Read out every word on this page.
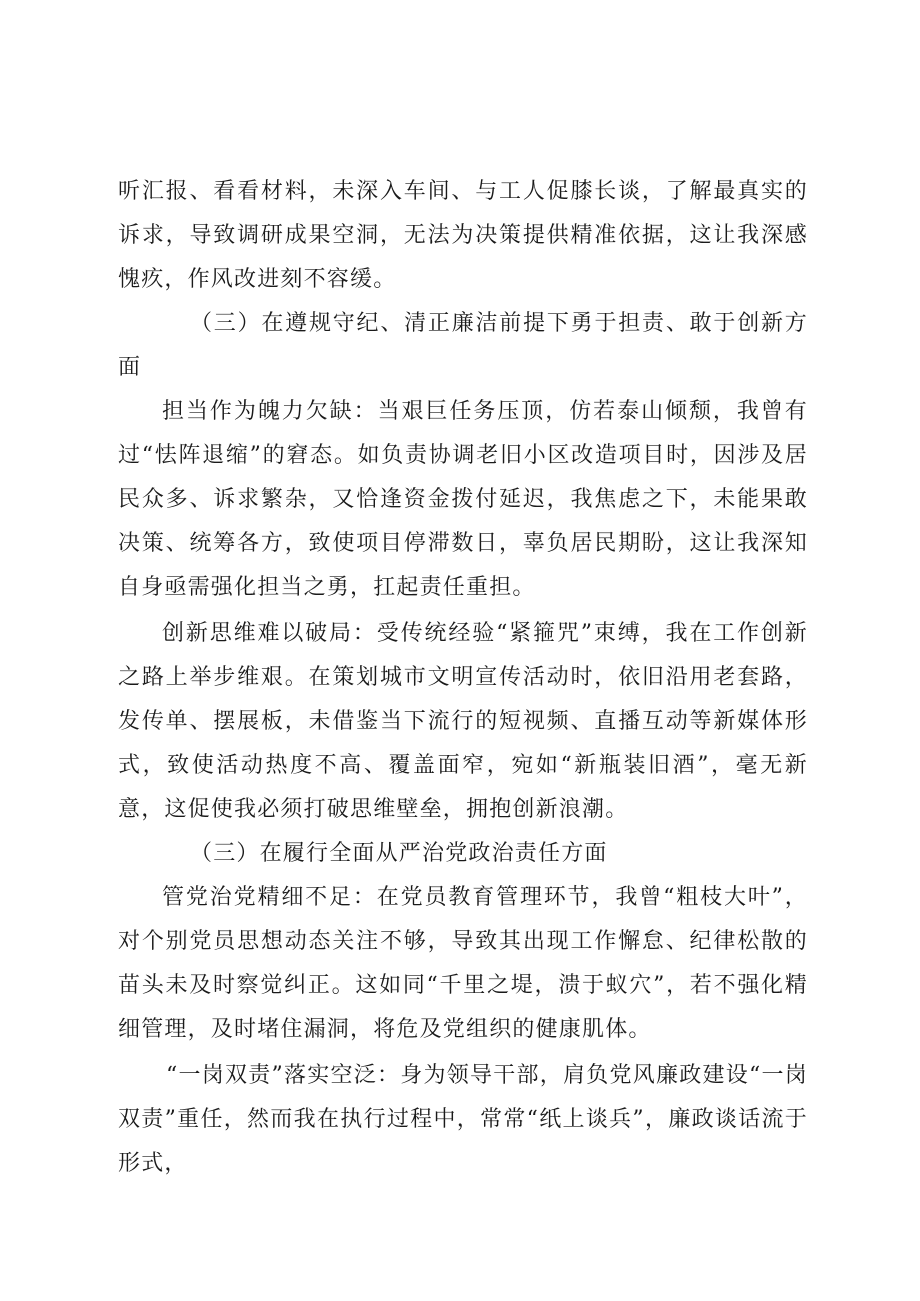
听汇报、看看材料，未深入车间、与工人促膝长谈，了解最真实的诉求，导致调研成果空洞，无法为决策提供精准依据，这让我深感愧疚，作风改进刻不容缓。

（三）在遵规守纪、清正廉洁前提下勇于担责、敢于创新方面

担当作为魄力欠缺：当艰巨任务压顶，仿若泰山倾颓，我曾有过“怯阵退缩”的窘态。如负责协调老旧小区改造项目时，因涉及居民众多、诉求繁杂，又恰逢资金拨付延迟，我焦虑之下，未能果敢决策、统筹各方，致使项目停滞数日，辜负居民期盼，这让我深知自身亟需强化担当之勇，扛起责任重担。

创新思维难以破局：受传统经验“紧箍咒”束缚，我在工作创新之路上举步维艰。在策划城市文明宣传活动时，依旧沿用老套路，发传单、摆展板，未借鉴当下流行的短视频、直播互动等新媒体形式，致使活动热度不高、覆盖面窄，宛如“新瓶装旧酒”，毫无新意，这促使我必须打破思维壁垒，拥抱创新浪潮。

（三）在履行全面从严治党政治责任方面

管党治党精细不足：在党员教育管理环节，我曾“粗枝大叶”，对个别党员思想动态关注不够，导致其出现工作懈怠、纪律松散的苗头未及时察觉纠正。这如同“千里之堤，溃于蚁穴”，若不强化精细管理，及时堵住漏洞，将危及党组织的健康肌体。

“一岗双责”落实空泛：身为领导干部，肩负党风廉政建设“一岗双责”重任，然而我在执行过程中，常常“纸上谈兵”，廉政谈话流于形式，
